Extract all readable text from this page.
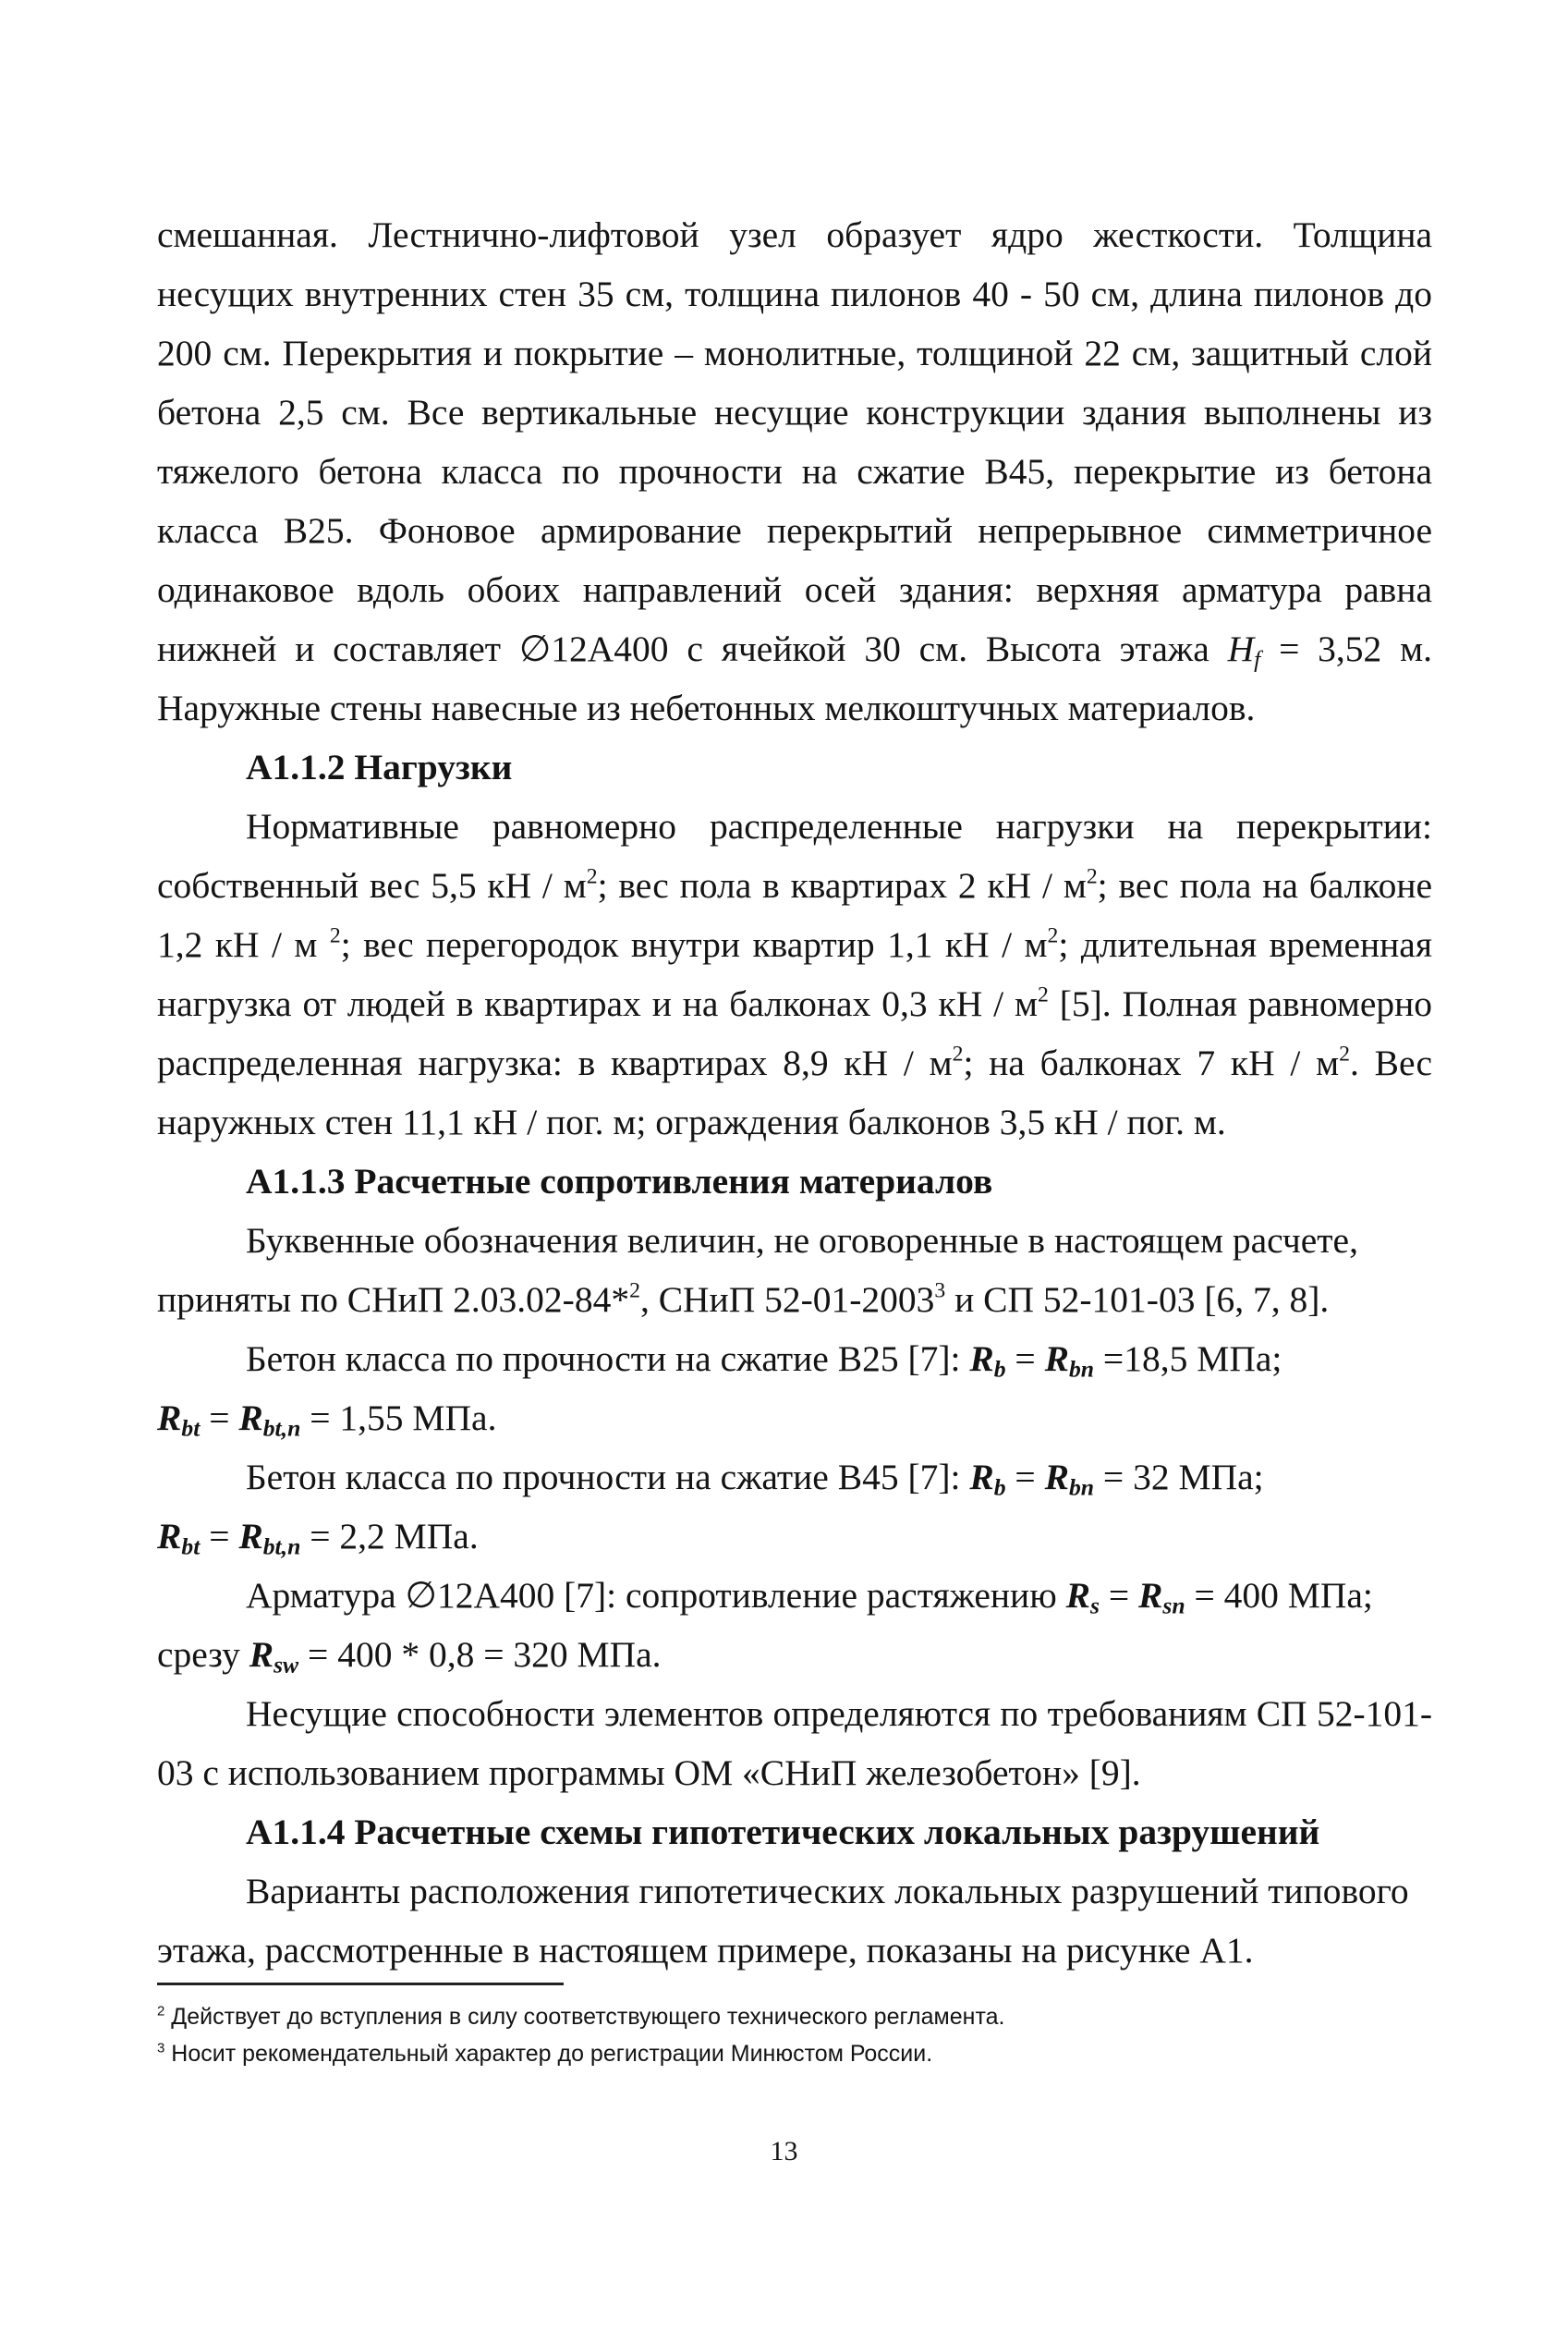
смешанная. Лестнично-лифтовой узел образует ядро жесткости. Толщина несущих внутренних стен 35 см, толщина пилонов 40 - 50 см, длина пилонов до 200 см. Перекрытия и покрытие – монолитные, толщиной 22 см, защитный слой бетона 2,5 см. Все вертикальные несущие конструкции здания выполнены из тяжелого бетона класса по прочности на сжатие В45, перекрытие из бетона класса В25. Фоновое армирование перекрытий непрерывное симметричное одинаковое вдоль обоих направлений осей здания: верхняя арматура равна нижней и составляет ∅12А400 с ячейкой 30 см. Высота этажа $H_f = 3,52$ м. Наружные стены навесные из небетонных мелкоштучных материалов.

А1.1.2 Нагрузки

Нормативные равномерно распределенные нагрузки на перекрытии: собственный вес 5,5 кН / $м^2$; вес пола в квартирах 2 кН / $м^2$; вес пола на балконе 1,2 кН / м $^2$; вес перегородок внутри квартир 1,1 кН / $м^2$; длительная временная нагрузка от людей в квартирах и на балконах 0,3 кН / $м^2$ [5]. Полная равномерно распределенная нагрузка: в квартирах 8,9 кН / $м^2$; на балконах 7 кН / $м^2$. Вес наружных стен 11,1 кН / пог. м; ограждения балконов 3,5 кН / пог. м.

А1.1.3 Расчетные сопротивления материалов

Буквенные обозначения величин, не оговоренные в настоящем расчете, приняты по СНиП 2.03.02-84*$^2$, СНиП 52-01-2003$^3$ и СП 52-101-03 [6, 7, 8].

Бетон класса по прочности на сжатие В25 [7]: $R_b = R_{bn} =18,5$ МПа;

$R_{bt} = R_{bt,n} = 1,55$ МПа.

Бетон класса по прочности на сжатие В45 [7]: $R_b = R_{bn} = 32$ МПа;

$R_{bt} = R_{bt,n} = 2,2$ МПа.

Арматура ∅12А400 [7]: сопротивление растяжению $R_s = R_{sn} = 400$ МПа;

срезу $R_{sw} = 400 * 0,8 = 320$ МПа.

Несущие способности элементов определяются по требованиям СП 52-101-03 с использованием программы ОМ «СНиП железобетон» [9].

А1.1.4 Расчетные схемы гипотетических локальных разрушений

Варианты расположения гипотетических локальных разрушений типового этажа, рассмотренные в настоящем примере, показаны на рисунке А1.

$^2$ Действует до вступления в силу соответствующего технического регламента.

$^3$ Носит рекомендательный характер до регистрации Минюстом России.

13
